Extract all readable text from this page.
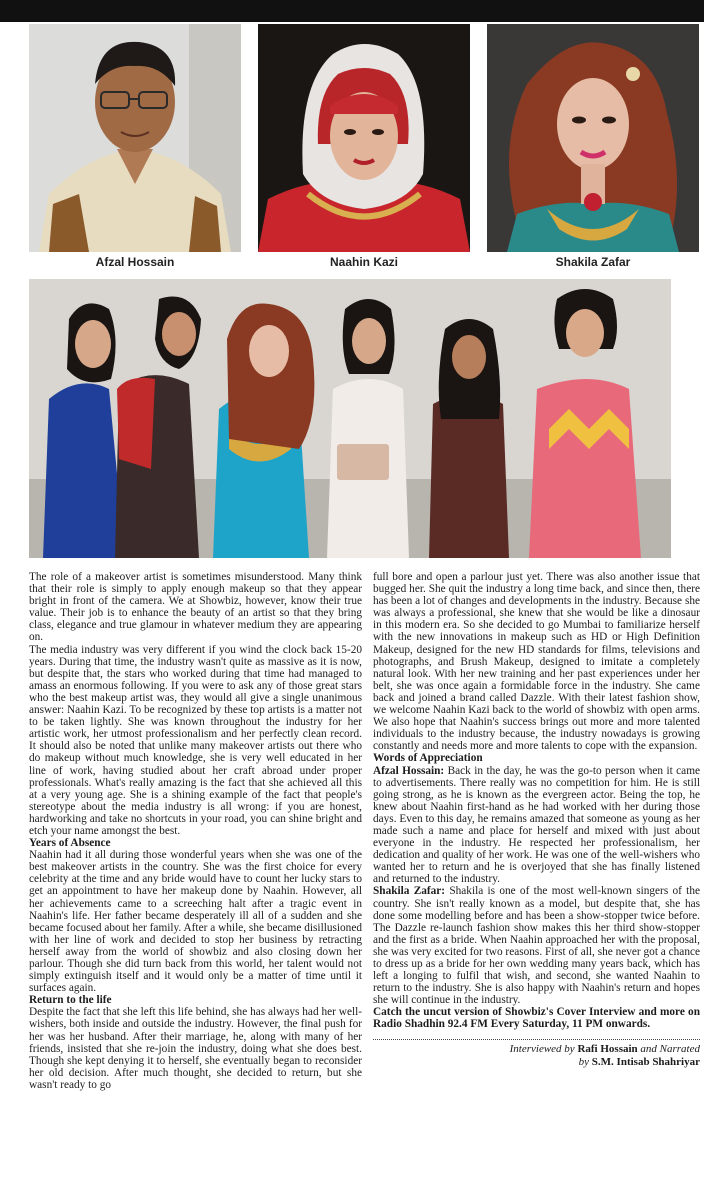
Afzal Hossain	Naahin Kazi	Shakila Zafar

The role of a makeover artist is sometimes misunderstood. Many think that their role is simply to apply enough makeup so that they appear bright in front of the camera. We at Showbiz, however, know their true value. Their job is to enhance the beauty of an artist so that they bring class, elegance and true glamour in whatever medium they are appearing on.

The media industry was very different if you wind the clock back 15-20 years. During that time, the industry wasn't quite as massive as it is now, but despite that, the stars who worked during that time had managed to amass an enormous following. If you were to ask any of those great stars who the best makeup artist was, they would all give a single unanimous answer: Naahin Kazi. To be recognized by these top artists is a matter not to be taken lightly. She was known throughout the industry for her artistic work, her utmost professionalism and her perfectly clean record. It should also be noted that unlike many makeover artists out there who do makeup without much knowledge, she is very well educated in her line of work, having studied about her craft abroad under proper professionals. What's really amazing is the fact that she achieved all this at a very young age. She is a shining example of the fact that people's stereotype about the media industry is all wrong: if you are honest, hardworking and take no shortcuts in your road, you can shine bright and etch your name amongst the best.

Years of Absence

Naahin had it all during those wonderful years when she was one of the best makeover artists in the country. She was the first choice for every celebrity at the time and any bride would have to count her lucky stars to get an appointment to have her makeup done by Naahin. However, all her achievements came to a screeching halt after a tragic event in Naahin's life. Her father became desperately ill all of a sudden and she became focused about her family. After a while, she became disillusioned with her line of work and decided to stop her business by retracting herself away from the world of showbiz and also closing down her parlour. Though she did turn back from this world, her talent would not simply extinguish itself and it would only be a matter of time until it surfaces again.

Return to the life

Despite the fact that she left this life behind, she has always had her well-wishers, both inside and outside the industry. However, the final push for her was her husband. After their marriage, he, along with many of her friends, insisted that she re-join the industry, doing what she does best. Though she kept denying it to herself, she eventually began to reconsider her old decision. After much thought, she decided to return, but she wasn't ready to go

full bore and open a parlour just yet. There was also another issue that bugged her. She quit the industry a long time back, and since then, there has been a lot of changes and developments in the industry. Because she was always a professional, she knew that she would be like a dinosaur in this modern era. So she decided to go Mumbai to familiarize herself with the new innovations in makeup such as HD or High Definition Makeup, designed for the new HD standards for films, televisions and photographs, and Brush Makeup, designed to imitate a completely natural look. With her new training and her past experiences under her belt, she was once again a formidable force in the industry. She came back and joined a brand called Dazzle. With their latest fashion show, we welcome Naahin Kazi back to the world of showbiz with open arms. We also hope that Naahin's success brings out more and more talented individuals to the industry because, the industry nowadays is growing constantly and needs more and more talents to cope with the expansion.

Words of Appreciation

Afzal Hossain: Back in the day, he was the go-to person when it came to advertisements. There really was no competition for him. He is still going strong, as he is known as the evergreen actor. Being the top, he knew about Naahin first-hand as he had worked with her during those days. Even to this day, he remains amazed that someone as young as her made such a name and place for herself and mixed with just about everyone in the industry. He respected her professionalism, her dedication and quality of her work. He was one of the well-wishers who wanted her to return and he is overjoyed that she has finally listened and returned to the industry.

Shakila Zafar: Shakila is one of the most well-known singers of the country. She isn't really known as a model, but despite that, she has done some modelling before and has been a show-stopper twice before. The Dazzle re-launch fashion show makes this her third show-stopper and the first as a bride. When Naahin approached her with the proposal, she was very excited for two reasons. First of all, she never got a chance to dress up as a bride for her own wedding many years back, which has left a longing to fulfil that wish, and second, she wanted Naahin to return to the industry. She is also happy with Naahin's return and hopes she will continue in the industry.

Catch the uncut version of Showbiz's Cover Interview and more on Radio Shadhin 92.4 FM Every Saturday, 11 PM onwards.

Interviewed by Rafi Hossain and Narrated
by S.M. Intisab Shahriyar
